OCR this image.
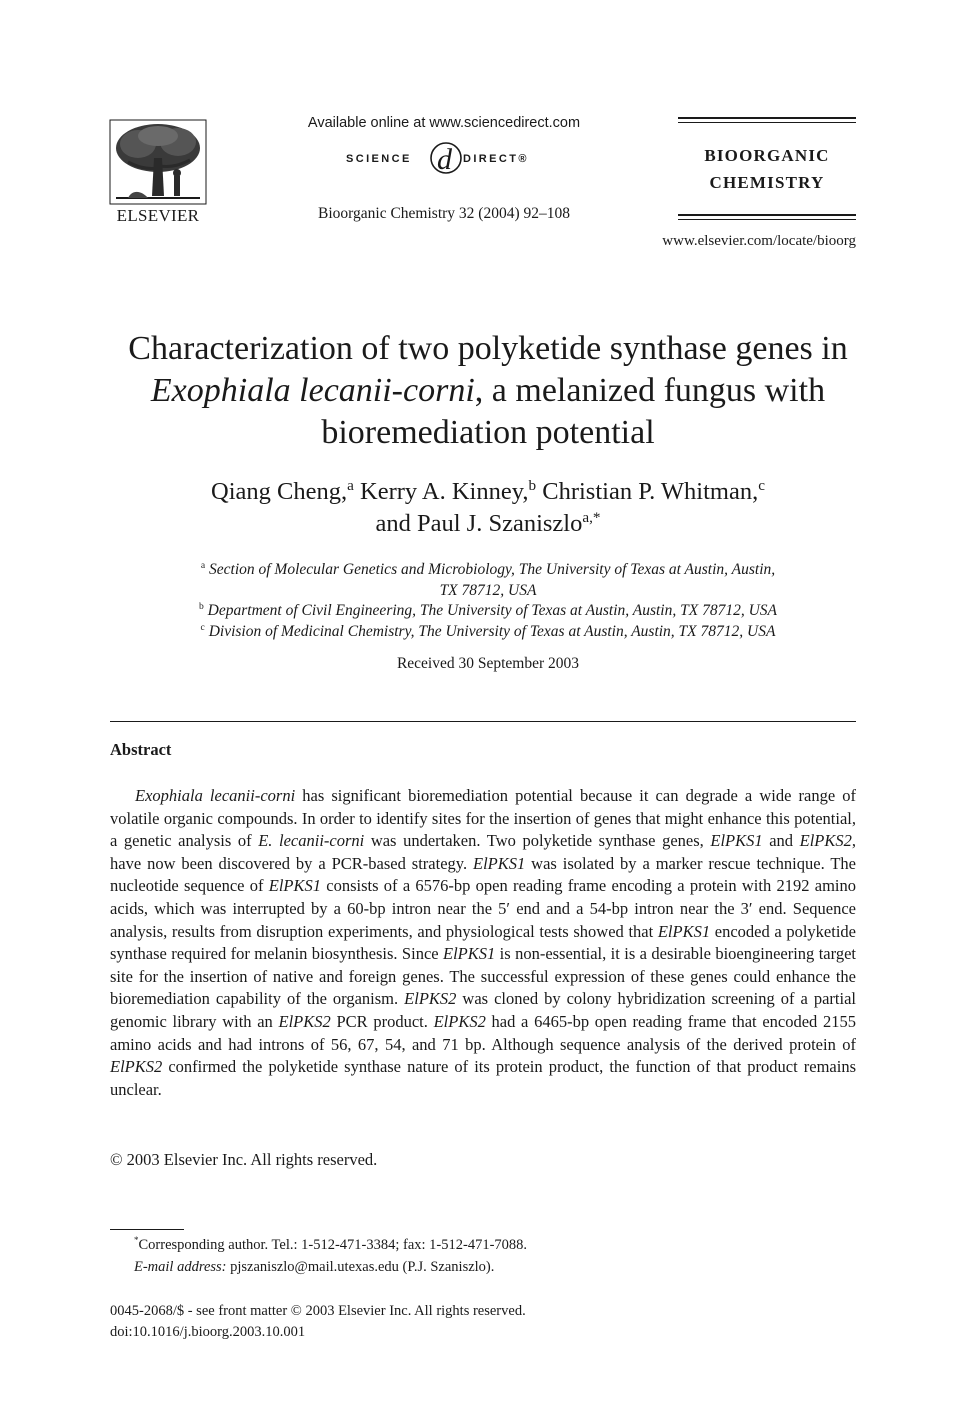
ELSEVIER
Available online at www.sciencedirect.com
SCIENCE d DIRECT®
Bioorganic Chemistry 32 (2004) 92–108
BIOORGANIC
CHEMISTRY
www.elsevier.com/locate/bioorg
Characterization of two polyketide synthase genes in Exophiala lecanii-corni, a melanized fungus with bioremediation potential
Qiang Cheng,$^a$ Kerry A. Kinney,$^b$ Christian P. Whitman,$^c$
and Paul J. Szaniszlo$^{a,*}$
$^a$ Section of Molecular Genetics and Microbiology, The University of Texas at Austin, Austin, TX 78712, USA
$^b$ Department of Civil Engineering, The University of Texas at Austin, Austin, TX 78712, USA
$^c$ Division of Medicinal Chemistry, The University of Texas at Austin, Austin, TX 78712, USA
Received 30 September 2003
Abstract
Exophiala lecanii-corni has significant bioremediation potential because it can degrade a wide range of volatile organic compounds. In order to identify sites for the insertion of genes that might enhance this potential, a genetic analysis of E. lecanii-corni was undertaken. Two polyketide synthase genes, ElPKS1 and ElPKS2, have now been discovered by a PCR-based strategy. ElPKS1 was isolated by a marker rescue technique. The nucleotide sequence of ElPKS1 consists of a 6576-bp open reading frame encoding a protein with 2192 amino acids, which was interrupted by a 60-bp intron near the 5′ end and a 54-bp intron near the 3′ end. Sequence analysis, results from disruption experiments, and physiological tests showed that ElPKS1 encoded a polyketide synthase required for melanin biosynthesis. Since ElPKS1 is non-essential, it is a desirable bioengineering target site for the insertion of native and foreign genes. The successful expression of these genes could enhance the bioremediation capability of the organism. ElPKS2 was cloned by colony hybridization screening of a partial genomic library with an ElPKS2 PCR product. ElPKS2 had a 6465-bp open reading frame that encoded 2155 amino acids and had introns of 56, 67, 54, and 71 bp. Although sequence analysis of the derived protein of ElPKS2 confirmed the polyketide synthase nature of its protein product, the function of that product remains unclear.
© 2003 Elsevier Inc. All rights reserved.
*Corresponding author. Tel.: 1-512-471-3384; fax: 1-512-471-7088.
E-mail address: pjszaniszlo@mail.utexas.edu (P.J. Szaniszlo).
0045-2068/$ - see front matter © 2003 Elsevier Inc. All rights reserved.
doi:10.1016/j.bioorg.2003.10.001
